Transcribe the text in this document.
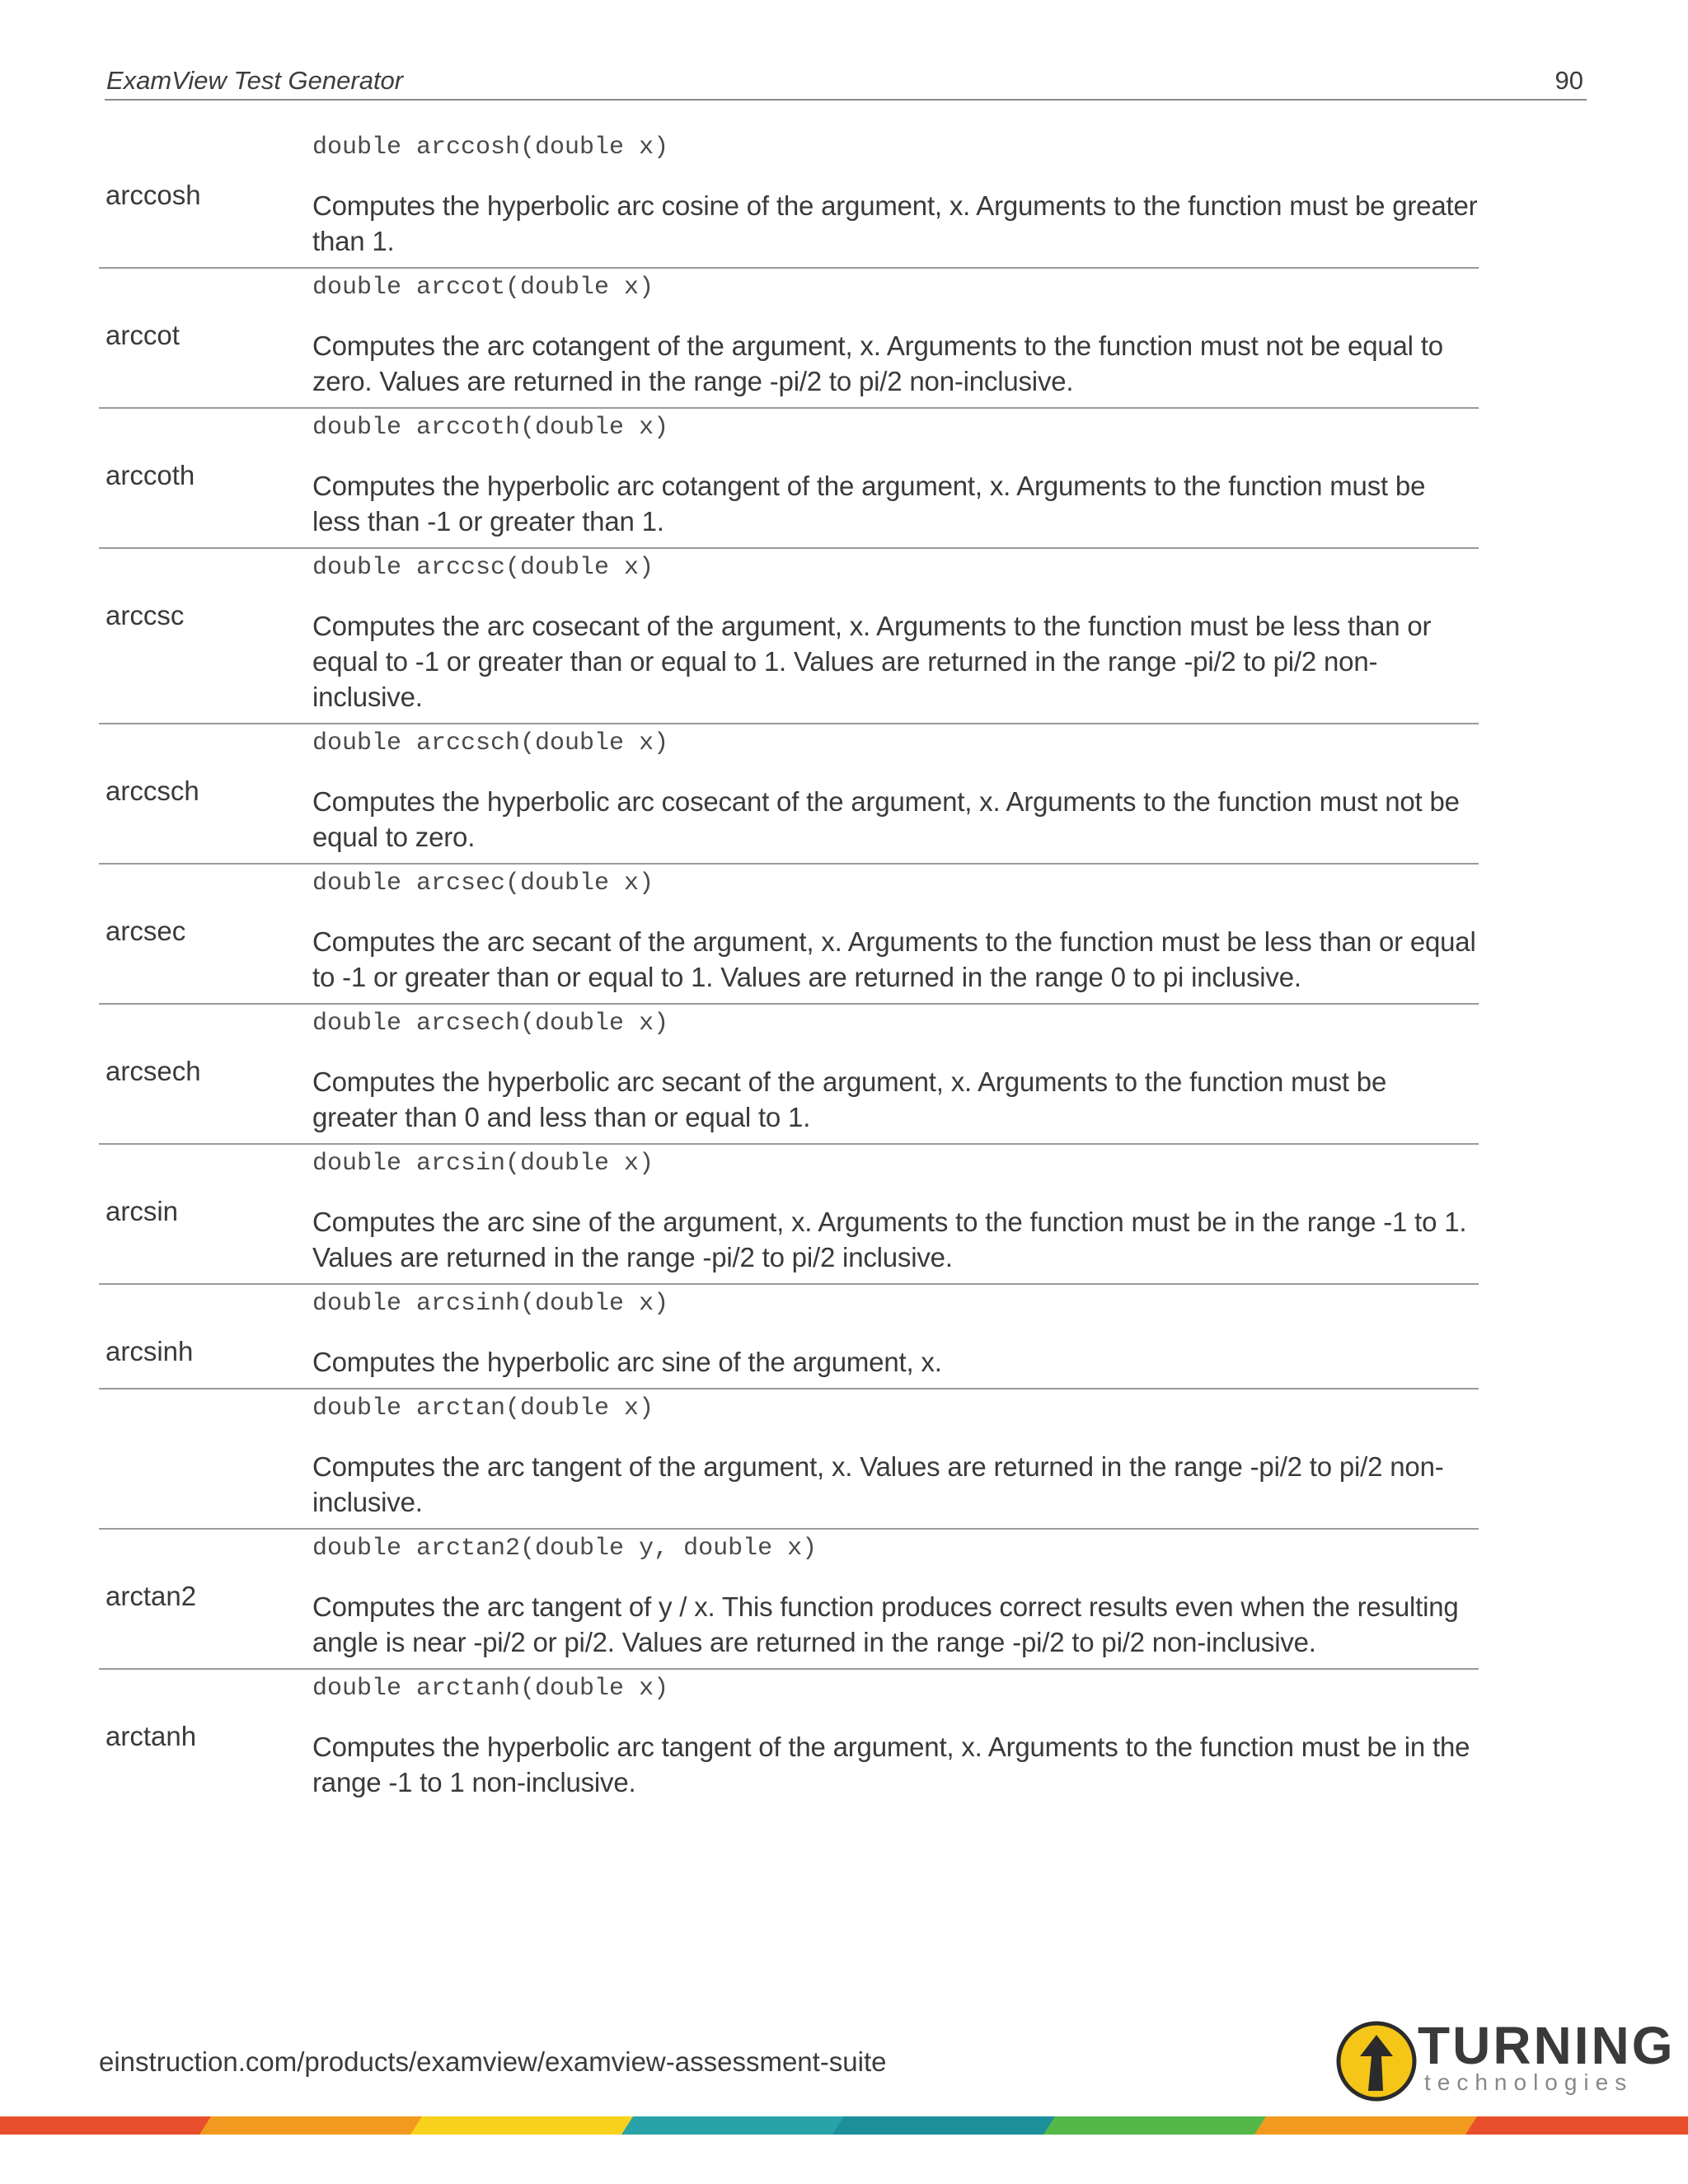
ExamView Test Generator	90
arccosh
double arccosh(double x)
Computes the hyperbolic arc cosine of the argument, x. Arguments to the function must be greater than 1.
arccot
double arccot(double x)
Computes the arc cotangent of the argument, x. Arguments to the function must not be equal to zero. Values are returned in the range -pi/2 to pi/2 non-inclusive.
arccoth
double arccoth(double x)
Computes the hyperbolic arc cotangent of the argument, x. Arguments to the function must be less than -1 or greater than 1.
arccsc
double arccsc(double x)
Computes the arc cosecant of the argument, x. Arguments to the function must be less than or equal to -1 or greater than or equal to 1. Values are returned in the range -pi/2 to pi/2 non-inclusive.
arccsch
double arccsch(double x)
Computes the hyperbolic arc cosecant of the argument, x. Arguments to the function must not be equal to zero.
arcsec
double arcsec(double x)
Computes the arc secant of the argument, x. Arguments to the function must be less than or equal to -1 or greater than or equal to 1. Values are returned in the range 0 to pi inclusive.
arcsech
double arcsech(double x)
Computes the hyperbolic arc secant of the argument, x. Arguments to the function must be greater than 0 and less than or equal to 1.
arcsin
double arcsin(double x)
Computes the arc sine of the argument, x. Arguments to the function must be in the range -1 to 1. Values are returned in the range -pi/2 to pi/2 inclusive.
arcsinh
double arcsinh(double x)
Computes the hyperbolic arc sine of the argument, x.
double arctan(double x)
Computes the arc tangent of the argument, x. Values are returned in the range -pi/2 to pi/2 non-inclusive.
arctan2
double arctan2(double y, double x)
Computes the arc tangent of y / x. This function produces correct results even when the resulting angle is near -pi/2 or pi/2. Values are returned in the range -pi/2 to pi/2 non-inclusive.
arctanh
double arctanh(double x)
Computes the hyperbolic arc tangent of the argument, x. Arguments to the function must be in the range -1 to 1 non-inclusive.
einstruction.com/products/examview/examview-assessment-suite	TURNING
technologies
